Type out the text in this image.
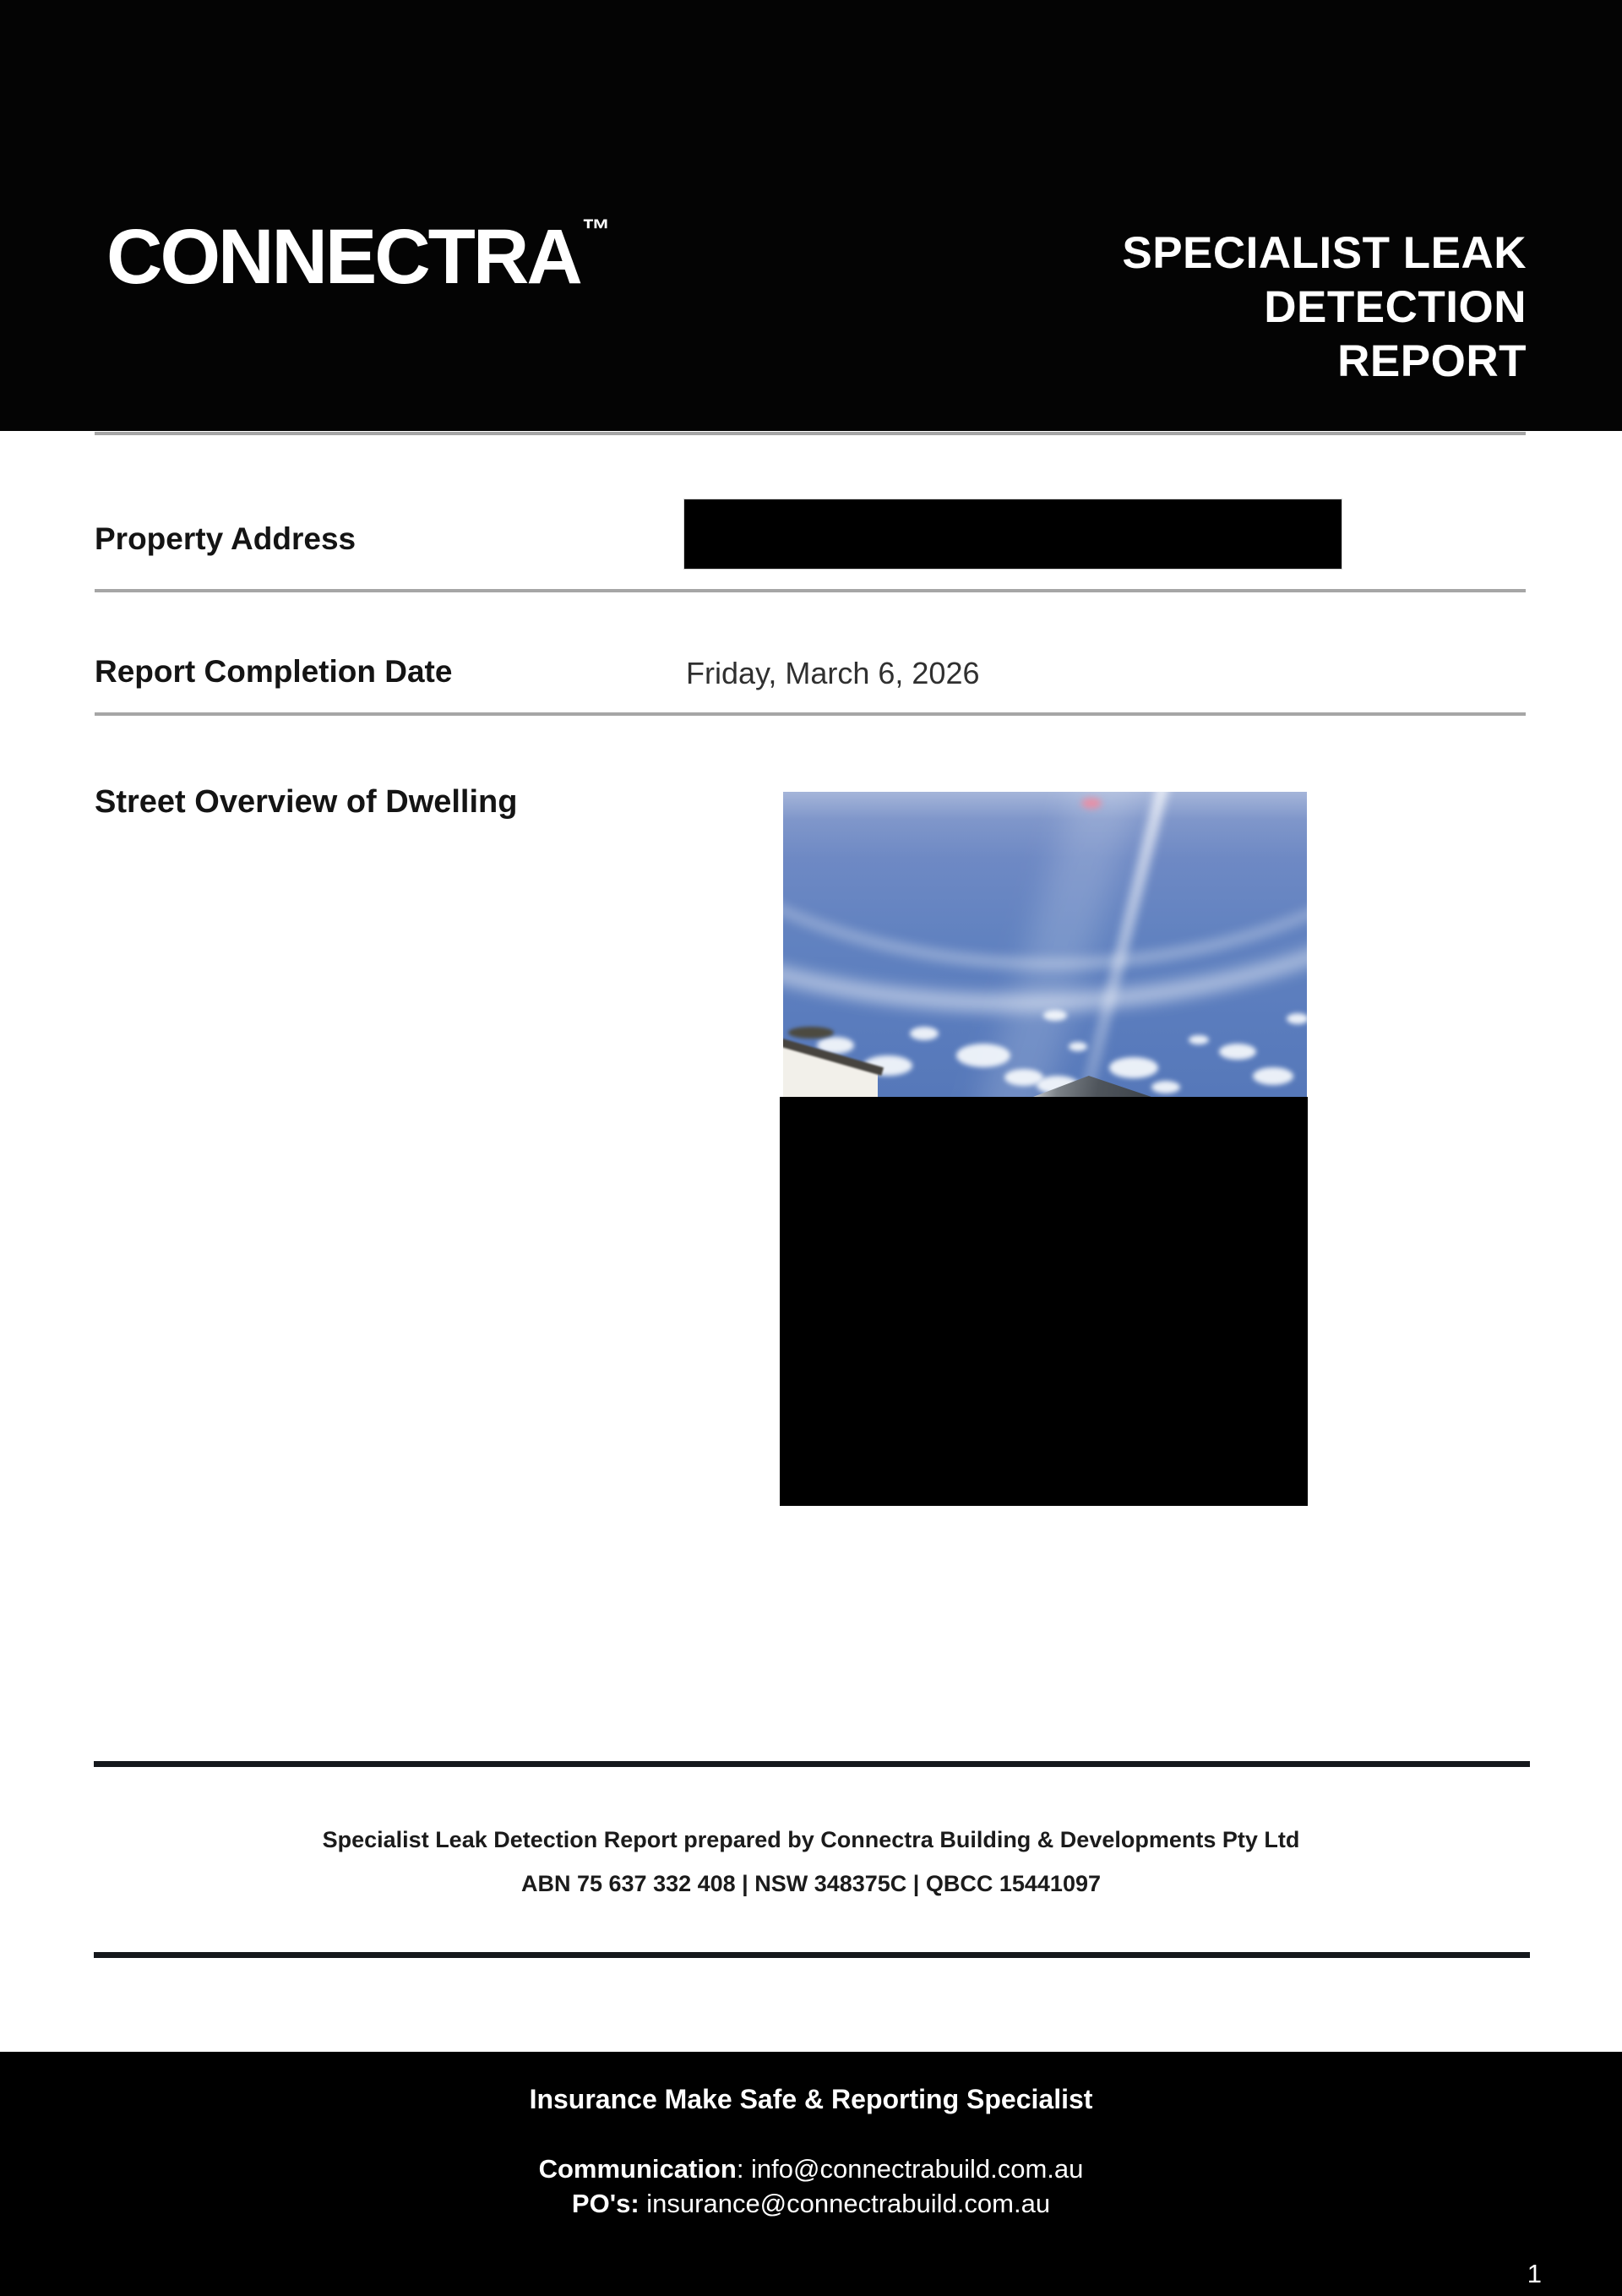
CONNECTRA™	SPECIALIST LEAK
DETECTION
REPORT
Property Address
Report Completion Date	Friday, March 6, 2026
Street Overview of Dwelling
Specialist Leak Detection Report prepared by Connectra Building & Developments Pty Ltd
ABN 75 637 332 408 | NSW 348375C | QBCC 15441097
Insurance Make Safe & Reporting Specialist
Communication: info@connectrabuild.com.au
PO's: insurance@connectrabuild.com.au
1
